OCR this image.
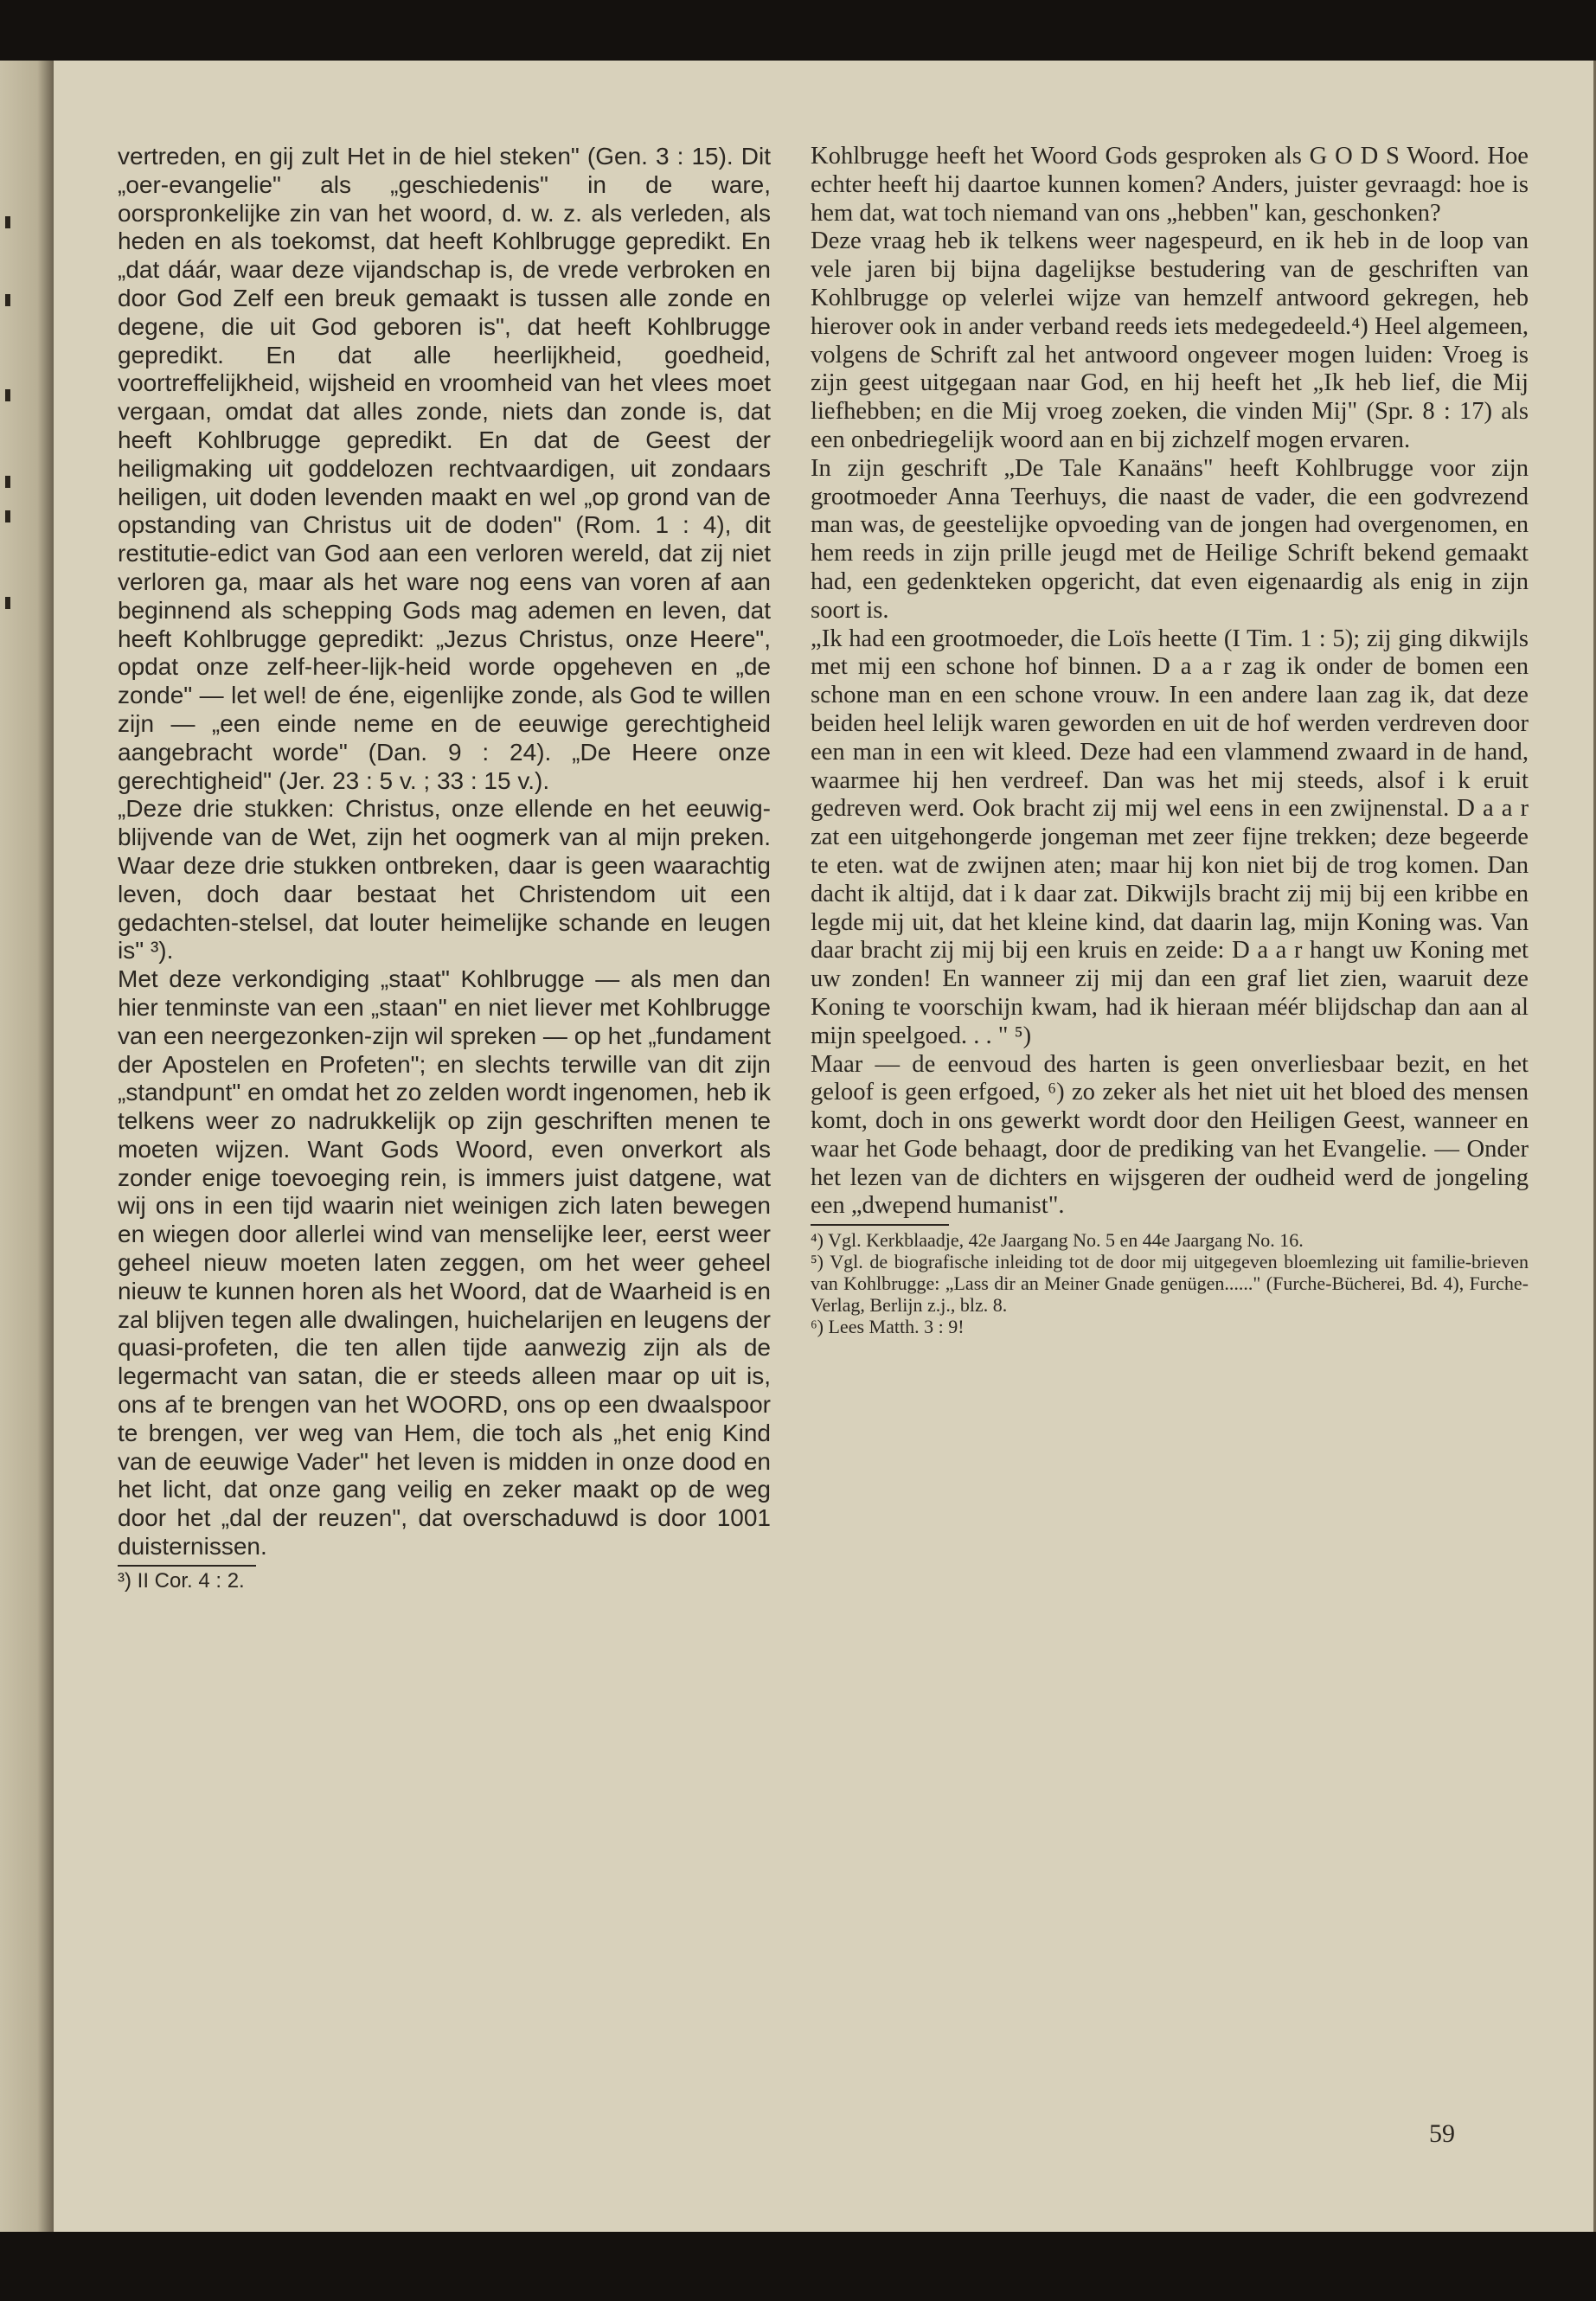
vertreden, en gij zult Het in de hiel steken" (Gen. 3 : 15). Dit „oer-evangelie" als „geschiedenis" in de ware, oorspronkelijke zin van het woord, d. w. z. als verleden, als heden en als toekomst, dat heeft Kohlbrugge gepredikt. En „dat dáár, waar deze vijandschap is, de vrede verbroken en door God Zelf een breuk gemaakt is tussen alle zonde en degene, die uit God geboren is", dat heeft Kohlbrugge gepredikt. En dat alle heerlijkheid, goedheid, voortreffelijkheid, wijsheid en vroomheid van het vlees moet vergaan, omdat dat alles zonde, niets dan zonde is, dat heeft Kohlbrugge gepredikt. En dat de Geest der heiligmaking uit goddelozen rechtvaardigen, uit zondaars heiligen, uit doden levenden maakt en wel „op grond van de opstanding van Christus uit de doden" (Rom. 1 : 4), dit restitutie-edict van God aan een verloren wereld, dat zij niet verloren ga, maar als het ware nog eens van voren af aan beginnend als schepping Gods mag ademen en leven, dat heeft Kohlbrugge gepredikt: „Jezus Christus, onze Heere", opdat onze zelf-heer-lijk-heid worde opgeheven en „de zonde" — let wel! de éne, eigenlijke zonde, als God te willen zijn — „een einde neme en de eeuwige gerechtigheid aangebracht worde" (Dan. 9 : 24). „De Heere onze gerechtigheid" (Jer. 23 : 5 v. ; 33 : 15 v.).

„Deze drie stukken: Christus, onze ellende en het eeuwig-blijvende van de Wet, zijn het oogmerk van al mijn preken. Waar deze drie stukken ontbreken, daar is geen waarachtig leven, doch daar bestaat het Christendom uit een gedachten-stelsel, dat louter heimelijke schande en leugen is" ³).

Met deze verkondiging „staat" Kohlbrugge — als men dan hier tenminste van een „staan" en niet liever met Kohlbrugge van een neergezonken-zijn wil spreken — op het „fundament der Apostelen en Profeten"; en slechts terwille van dit zijn „standpunt" en omdat het zo zelden wordt ingenomen, heb ik telkens weer zo nadrukkelijk op zijn geschriften menen te moeten wijzen. Want Gods Woord, even onverkort als zonder enige toevoeging rein, is immers juist datgene, wat wij ons in een tijd waarin niet weinigen zich laten bewegen en wiegen door allerlei wind van menselijke leer, eerst weer geheel nieuw moeten laten zeggen, om het weer geheel nieuw te kunnen horen als het Woord, dat de Waarheid is en zal blijven tegen alle dwalingen, huichelarijen en leugens der quasi-profeten, die ten allen tijde aanwezig zijn als de legermacht van satan, die er steeds alleen maar op uit is, ons af te brengen van het WOORD, ons op een dwaalspoor te brengen, ver weg van Hem, die toch als „het enig Kind van de eeuwige Vader" het leven is midden in onze dood en het licht, dat onze gang veilig en zeker maakt op de weg door het „dal der reuzen", dat overschaduwd is door 1001 duisternissen.

³) II Cor. 4 : 2.

Kohlbrugge heeft het Woord Gods gesproken als G O D S Woord. Hoe echter heeft hij daartoe kunnen komen? Anders, juister gevraagd: hoe is hem dat, wat toch niemand van ons „hebben" kan, geschonken?

Deze vraag heb ik telkens weer nagespeurd, en ik heb in de loop van vele jaren bij bijna dagelijkse bestudering van de geschriften van Kohlbrugge op velerlei wijze van hemzelf antwoord gekregen, heb hierover ook in ander verband reeds iets medegedeeld.⁴) Heel algemeen, volgens de Schrift zal het antwoord ongeveer mogen luiden: Vroeg is zijn geest uitgegaan naar God, en hij heeft het „Ik heb lief, die Mij liefhebben; en die Mij vroeg zoeken, die vinden Mij" (Spr. 8 : 17) als een onbedriegelijk woord aan en bij zichzelf mogen ervaren.

In zijn geschrift „De Tale Kanaäns" heeft Kohlbrugge voor zijn grootmoeder Anna Teerhuys, die naast de vader, die een godvrezend man was, de geestelijke opvoeding van de jongen had overgenomen, en hem reeds in zijn prille jeugd met de Heilige Schrift bekend gemaakt had, een gedenkteken opgericht, dat even eigenaardig als enig in zijn soort is.

„Ik had een grootmoeder, die Loïs heette (I Tim. 1 : 5); zij ging dikwijls met mij een schone hof binnen. D a a r zag ik onder de bomen een schone man en een schone vrouw. In een andere laan zag ik, dat deze beiden heel lelijk waren geworden en uit de hof werden verdreven door een man in een wit kleed. Deze had een vlammend zwaard in de hand, waarmee hij hen verdreef. Dan was het mij steeds, alsof i k eruit gedreven werd. Ook bracht zij mij wel eens in een zwijnenstal. D a a r zat een uitgehongerde jongeman met zeer fijne trekken; deze begeerde te eten. wat de zwijnen aten; maar hij kon niet bij de trog komen. Dan dacht ik altijd, dat i k daar zat. Dikwijls bracht zij mij bij een kribbe en legde mij uit, dat het kleine kind, dat daarin lag, mijn Koning was. Van daar bracht zij mij bij een kruis en zeide: D a a r hangt uw Koning met uw zonden! En wanneer zij mij dan een graf liet zien, waaruit deze Koning te voorschijn kwam, had ik hieraan méér blijdschap dan aan al mijn speelgoed. . . " ⁵)

Maar — de eenvoud des harten is geen onverliesbaar bezit, en het geloof is geen erfgoed, ⁶) zo zeker als het niet uit het bloed des mensen komt, doch in ons gewerkt wordt door den Heiligen Geest, wanneer en waar het Gode behaagt, door de prediking van het Evangelie. — Onder het lezen van de dichters en wijsgeren der oudheid werd de jongeling een „dwepend humanist".

⁴) Vgl. Kerkblaadje, 42e Jaargang No. 5 en 44e Jaargang No. 16.

⁵) Vgl. de biografische inleiding tot de door mij uitgegeven bloemlezing uit familie-brieven van Kohlbrugge: „Lass dir an Meiner Gnade genügen......" (Furche-Bücherei, Bd. 4), Furche-Verlag, Berlijn z.j., blz. 8.

⁶) Lees Matth. 3 : 9!

59
